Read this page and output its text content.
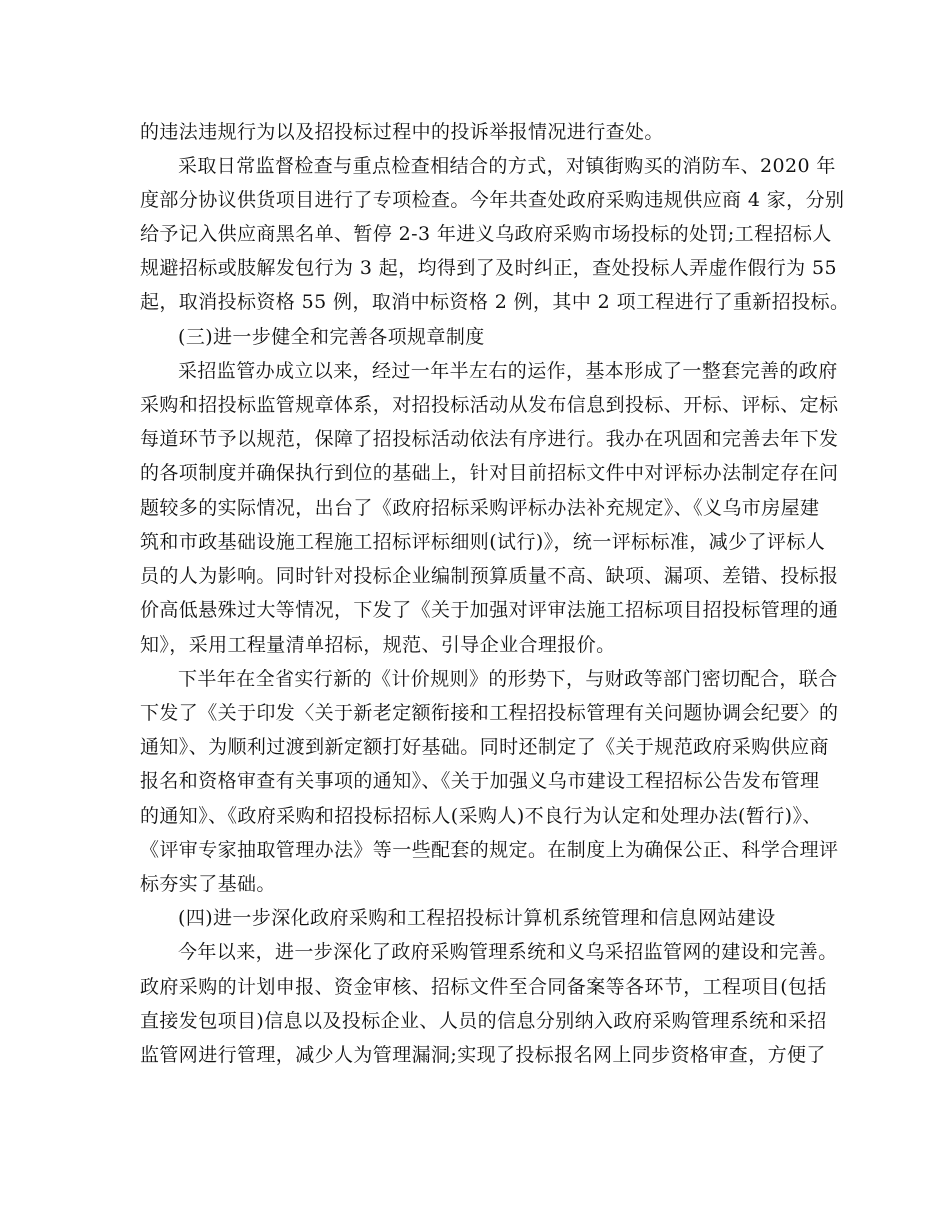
的违法违规行为以及招投标过程中的投诉举报情况进行查处。
采取日常监督检查与重点检查相结合的方式，对镇街购买的消防车、2020 年
度部分协议供货项目进行了专项检查。今年共查处政府采购违规供应商 4 家，分别
给予记入供应商黑名单、暂停 2-3 年进义乌政府采购市场投标的处罚;工程招标人
规避招标或肢解发包行为 3 起，均得到了及时纠正，查处投标人弄虚作假行为 55
起，取消投标资格 55 例，取消中标资格 2 例，其中 2 项工程进行了重新招投标。
(三)进一步健全和完善各项规章制度
采招监管办成立以来，经过一年半左右的运作，基本形成了一整套完善的政府
采购和招投标监管规章体系，对招投标活动从发布信息到投标、开标、评标、定标
每道环节予以规范，保障了招投标活动依法有序进行。我办在巩固和完善去年下发
的各项制度并确保执行到位的基础上，针对目前招标文件中对评标办法制定存在问
题较多的实际情况，出台了《政府招标采购评标办法补充规定》、《义乌市房屋建
筑和市政基础设施工程施工招标评标细则(试行)》，统一评标标准，减少了评标人
员的人为影响。同时针对投标企业编制预算质量不高、缺项、漏项、差错、投标报
价高低悬殊过大等情况，下发了《关于加强对评审法施工招标项目招投标管理的通
知》，采用工程量清单招标，规范、引导企业合理报价。
下半年在全省实行新的《计价规则》的形势下，与财政等部门密切配合，联合
下发了《关于印发〈关于新老定额衔接和工程招投标管理有关问题协调会纪要〉的
通知》、为顺利过渡到新定额打好基础。同时还制定了《关于规范政府采购供应商
报名和资格审查有关事项的通知》、《关于加强义乌市建设工程招标公告发布管理
的通知》、《政府采购和招投标招标人(采购人)不良行为认定和处理办法(暂行)》、
《评审专家抽取管理办法》等一些配套的规定。在制度上为确保公正、科学合理评
标夯实了基础。
(四)进一步深化政府采购和工程招投标计算机系统管理和信息网站建设
今年以来，进一步深化了政府采购管理系统和义乌采招监管网的建设和完善。
政府采购的计划申报、资金审核、招标文件至合同备案等各环节，工程项目(包括
直接发包项目)信息以及投标企业、人员的信息分别纳入政府采购管理系统和采招
监管网进行管理，减少人为管理漏洞;实现了投标报名网上同步资格审查，方便了
